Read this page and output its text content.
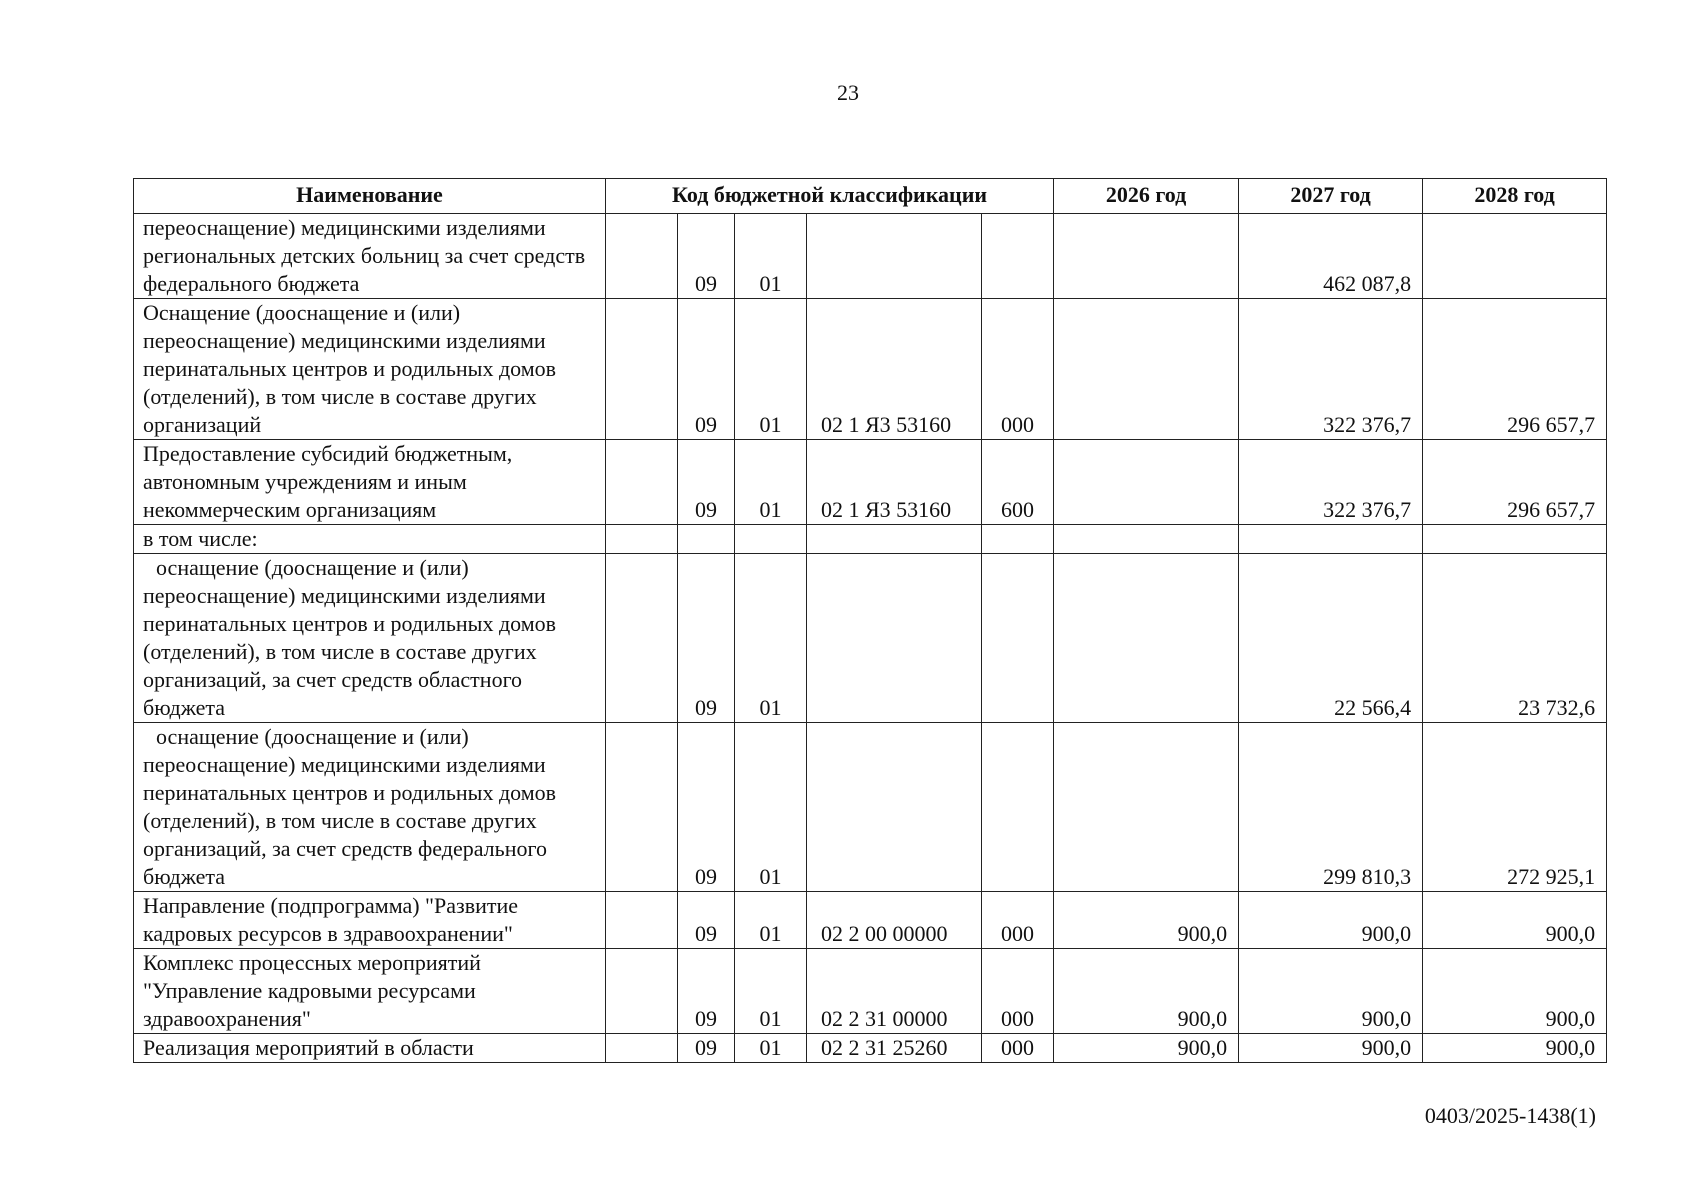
23
Наименование	Код бюджетной классификации					2026 год	2027 год	2028 год
переоснащение) медицинскими изделиями региональных детских больниц за счет средств федерального бюджета		09	01				462 087,8	
Оснащение (дооснащение и (или) переоснащение) медицинскими изделиями перинатальных центров и родильных домов (отделений), в том числе в составе других организаций		09	01	02 1 Я3 53160	000		322 376,7	296 657,7
Предоставление субсидий бюджетным, автономным учреждениям и иным некоммерческим организациям		09	01	02 1 Я3 53160	600		322 376,7	296 657,7
в том числе:								
оснащение (дооснащение и (или) переоснащение) медицинскими изделиями перинатальных центров и родильных домов (отделений), в том числе в составе других организаций, за счет средств областного бюджета		09	01				22 566,4	23 732,6
оснащение (дооснащение и (или) переоснащение) медицинскими изделиями перинатальных центров и родильных домов (отделений), в том числе в составе других организаций, за счет средств федерального бюджета		09	01				299 810,3	272 925,1
Направление (подпрограмма) "Развитие кадровых ресурсов в здравоохранении"		09	01	02 2 00 00000	000	900,0	900,0	900,0
Комплекс процессных мероприятий "Управление кадровыми ресурсами здравоохранения"		09	01	02 2 31 00000	000	900,0	900,0	900,0
Реализация мероприятий в области		09	01	02 2 31 25260	000	900,0	900,0	900,0
0403/2025-1438(1)
